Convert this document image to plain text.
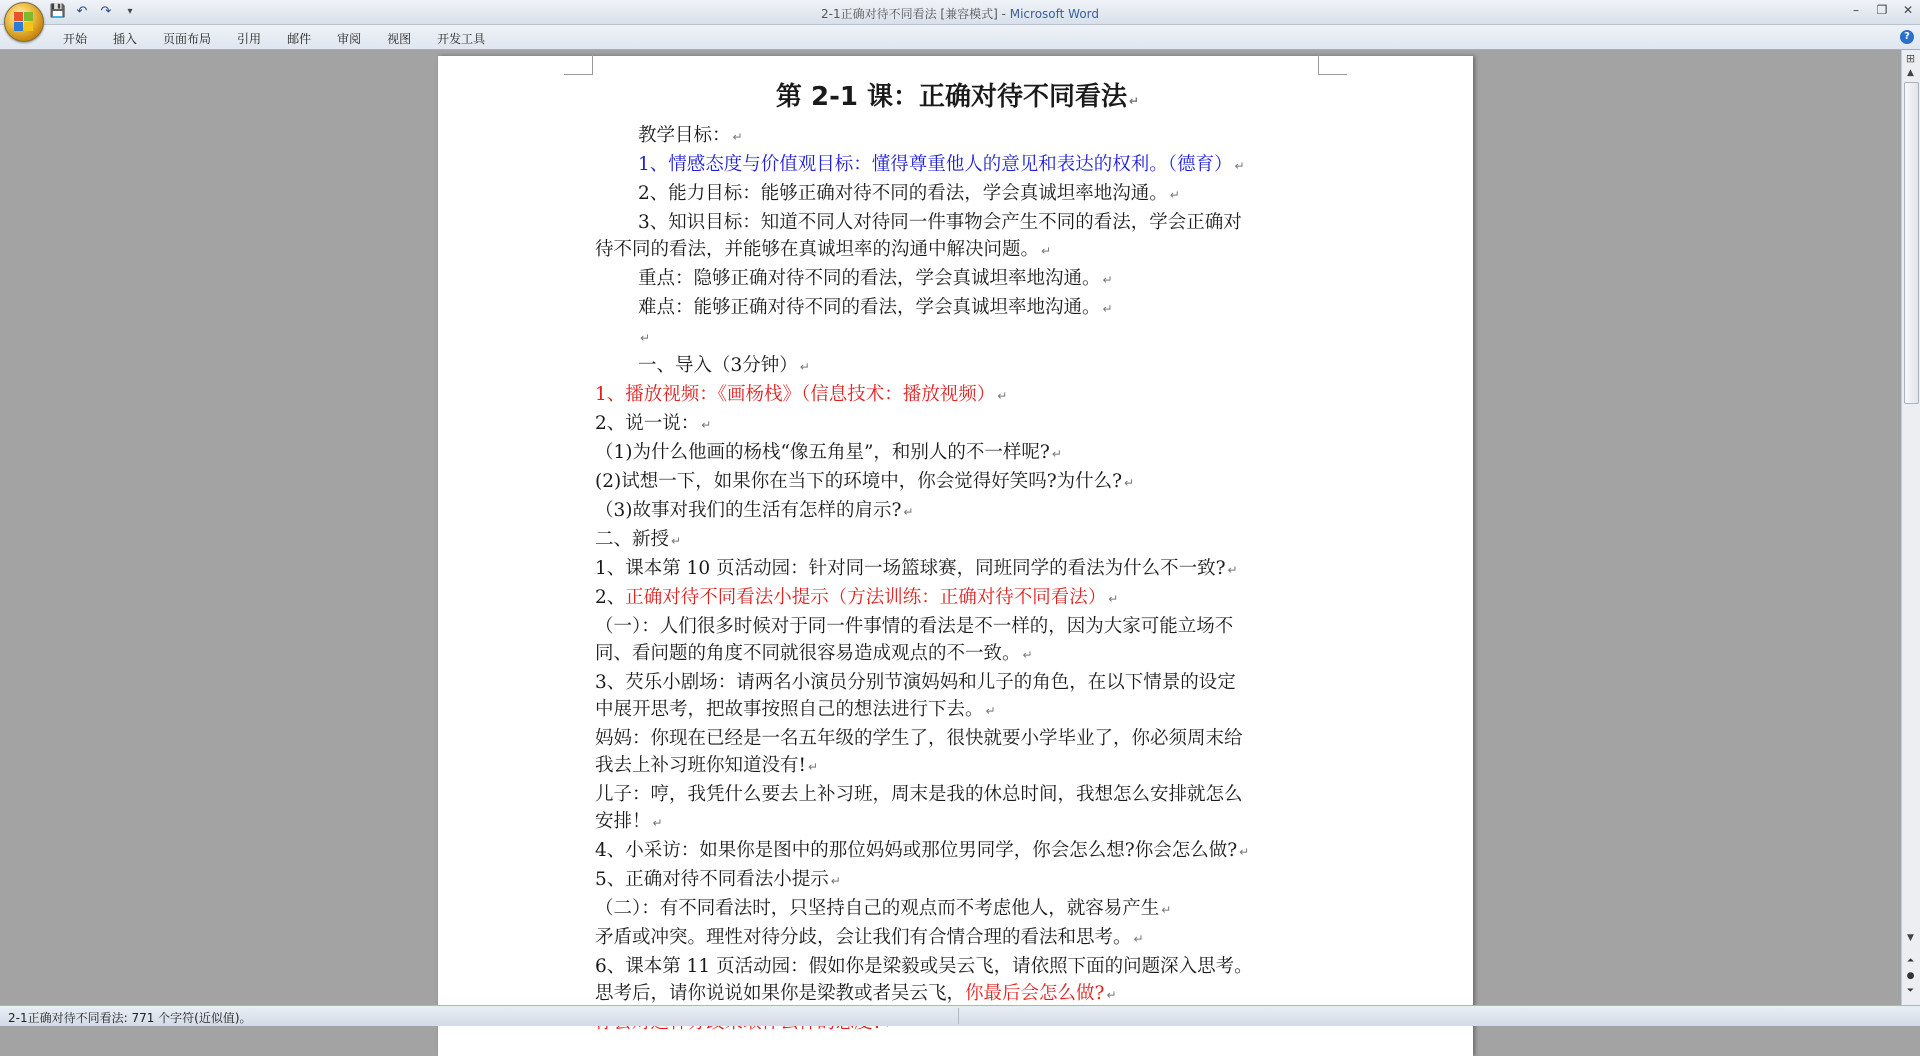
💾 ↶ ↷	▾	2-1正确对待不同看法 [兼容模式] - Microsoft Word	–	❐ ✕
开始	插入	页面布局	引用	邮件	审阅	视图	开发工具	?
第 2-1 课：正确对待不同看法 ↵

教学目标： ↵

1、情感态度与价值观目标：懂得尊重他人的意见和表达的权利。（德育） ↵

2、能力目标：能够正确对待不同的看法，学会真诚坦率地沟通。 ↵

3、知识目标：知道不同人对待同一件事物会产生不同的看法，学会正确对

待不同的看法，并能够在真诚坦率的沟通中解决问题。 ↵

重点：隐够正确对待不同的看法，学会真诚坦率地沟通。 ↵

难点：能够正确对待不同的看法，学会真诚坦率地沟通。 ↵

↵

一、导入（3分钟） ↵

1、播放视频：《画杨栈》（信息技术：播放视频） ↵

2、说一说： ↵

（1)为什么他画的杨栈“像五角星”，和别人的不一样呢? ↵

(2)试想一下，如果你在当下的环境中，你会觉得好笑吗?为什么? ↵

（3)故事对我们的生活有怎样的肩示? ↵

二、新授 ↵

1、课本第 10 页活动园：针对同一场篮球赛，同班同学的看法为什么不一致? ↵

2、正确对待不同看法小提示（方法训练：正确对待不同看法） ↵

（一）：人们很多时候对于同一件事情的看法是不一样的，因为大家可能立场不

同、看问题的角度不同就很容易造成观点的不一致。 ↵

3、芡乐小剧场：请两名小演员分别节演妈妈和儿子的角色，在以下情景的设定

中展开思考，把故事按照自己的想法进行下去。 ↵

妈妈：你现在已经是一名五年级的学生了，很快就要小学毕业了，你必须周末给

我去上补习班你知道没有! ↵

儿子：哼，我凭什么要去上补习班，周末是我的休总时间，我想怎么安排就怎么

安排！ ↵

4、小采访：如果你是图中的那位妈妈或那位男同学，你会怎么想?你会怎么做? ↵

5、正确对待不同看法小提示 ↵

（二）：有不同看法时，只坚持自己的观点而不考虑他人，就容易产生 ↵

矛盾或冲突。理性对待分歧，会让我们有合情合理的看法和思考。 ↵

6、课本第 11 页活动园：假如你是梁毅或吴云飞，请依照下面的问题深入思考。

思考后，请你说说如果你是梁教或者吴云飞，你最后会怎么做? ↵

⊞
▲
▼
⏶
●
⏷
2-1正确对待不同看法: 771 个字符(近似值)。
